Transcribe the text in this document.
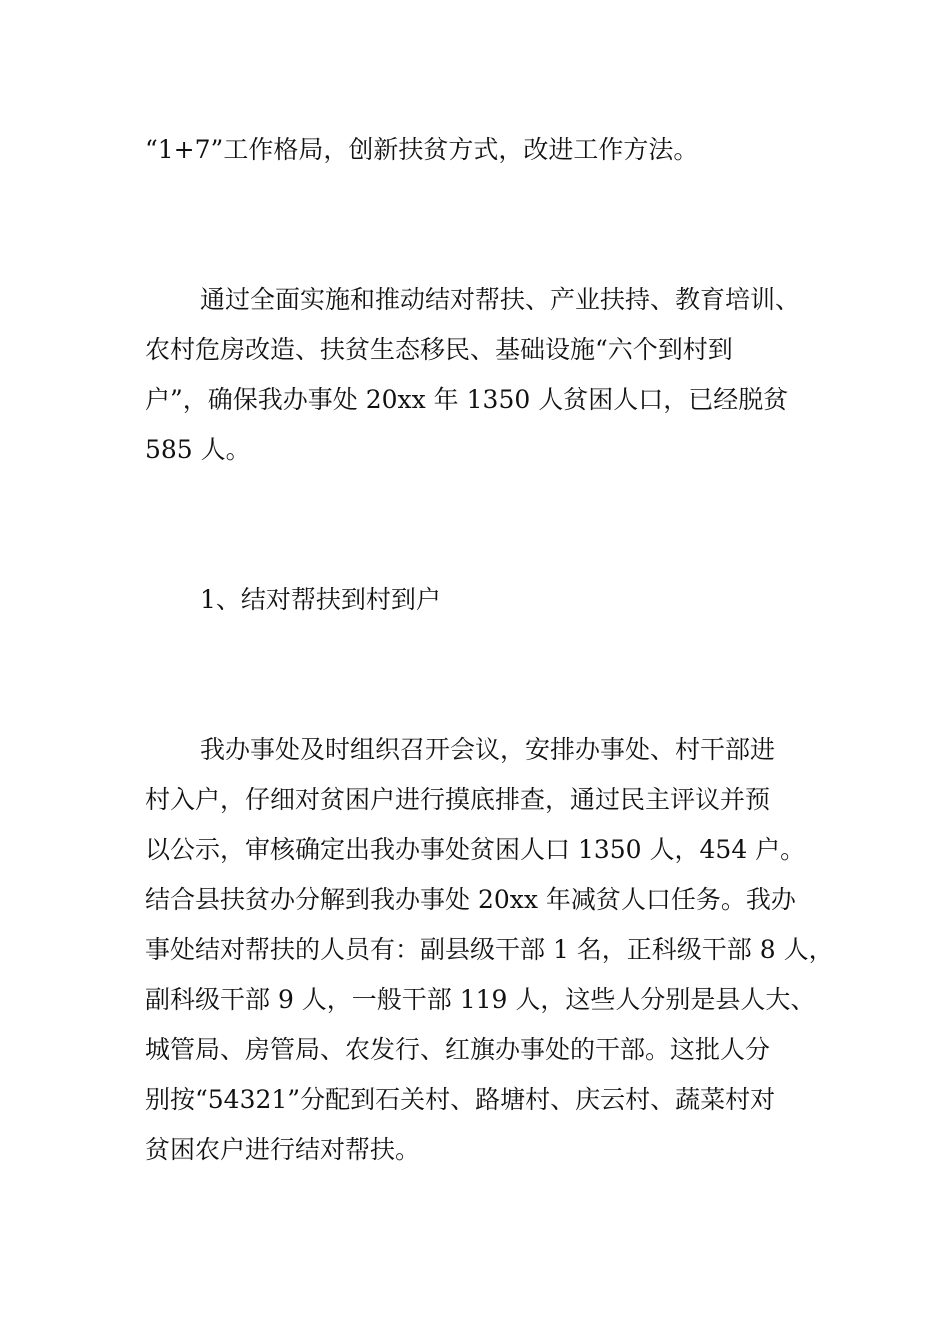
“1+7”工作格局，创新扶贫方式，改进工作方法。

通过全面实施和推动结对帮扶、产业扶持、教育培训、

农村危房改造、扶贫生态移民、基础设施“六个到村到

户”，确保我办事处 20xx 年 1350 人贫困人口，已经脱贫

585 人。

1、结对帮扶到村到户

我办事处及时组织召开会议，安排办事处、村干部进

村入户，仔细对贫困户进行摸底排查，通过民主评议并预

以公示，审核确定出我办事处贫困人口 1350 人，454 户。

结合县扶贫办分解到我办事处 20xx 年减贫人口任务。我办

事处结对帮扶的人员有：副县级干部 1 名，正科级干部 8 人，

副科级干部 9 人，一般干部 119 人，这些人分别是县人大、

城管局、房管局、农发行、红旗办事处的干部。这批人分

别按“54321”分配到石关村、路塘村、庆云村、蔬菜村对

贫困农户进行结对帮扶。
